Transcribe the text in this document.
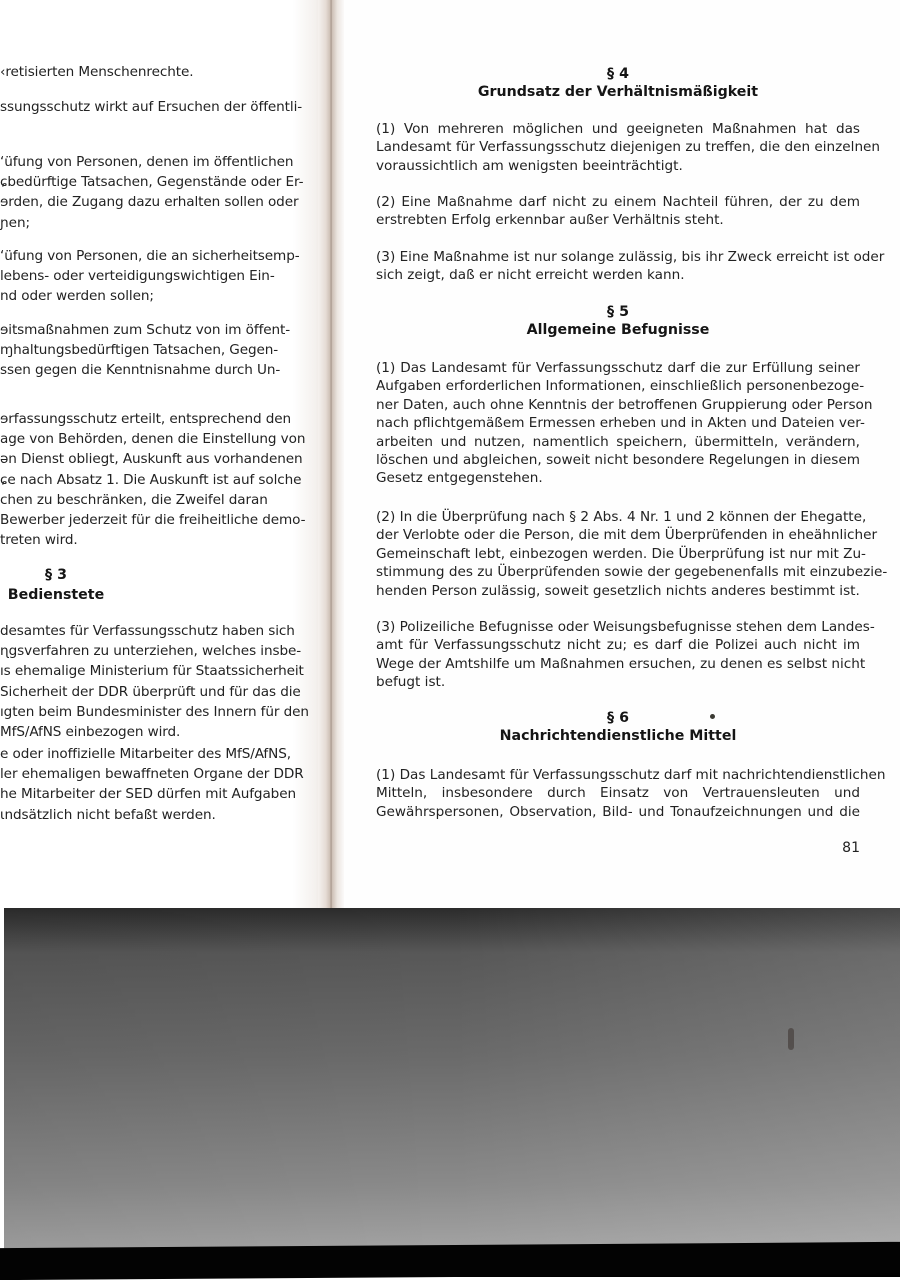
‹retisierten Menschenrechte.
ssungsschutz wirkt auf Ersuchen der öffentli-
‘üfung von Personen, denen im öffentlichen
ɕbedürftige Tatsachen, Gegenstände oder Er-
ɘrden, die Zugang dazu erhalten sollen oder
ɲen;
‘üfung von Personen, die an sicherheitsemp-
lebens- oder verteidigungswichtigen Ein-
nd oder werden sollen;
ɘitsmaßnahmen zum Schutz von im öffent-
ɱhaltungsbedürftigen Tatsachen, Gegen-
ssen gegen die Kenntnisnahme durch Un-
ɘrfassungsschutz erteilt, entsprechend den
age von Behörden, denen die Einstellung von
ən Dienst obliegt, Auskunft aus vorhandenen
ɕe nach Absatz 1. Die Auskunft ist auf solche
chen zu beschränken, die Zweifel daran
Bewerber jederzeit für die freiheitliche demo-
treten wird.
§ 3
Bedienstete
desamtes für Verfassungsschutz haben sich
ɳgsverfahren zu unterziehen, welches insbe-
ıs ehemalige Ministerium für Staatssicherheit
Sicherheit der DDR überprüft und für das die
ıgten beim Bundesminister des Innern für den
MfS/AfNS einbezogen wird.
e oder inoffizielle Mitarbeiter des MfS/AfNS,
ler ehemaligen bewaffneten Organe der DDR
he Mitarbeiter der SED dürfen mit Aufgaben
ɩndsätzlich nicht befaßt werden.
§ 4
Grundsatz der Verhältnismäßigkeit
(1) Von mehreren möglichen und geeigneten Maßnahmen hat das
Landesamt für Verfassungsschutz diejenigen zu treffen, die den einzelnen
voraussichtlich am wenigsten beeinträchtigt.
(2) Eine Maßnahme darf nicht zu einem Nachteil führen, der zu dem
erstrebten Erfolg erkennbar außer Verhältnis steht.
(3) Eine Maßnahme ist nur solange zulässig, bis ihr Zweck erreicht ist oder
sich zeigt, daß er nicht erreicht werden kann.
§ 5
Allgemeine Befugnisse
(1) Das Landesamt für Verfassungsschutz darf die zur Erfüllung seiner
Aufgaben erforderlichen Informationen, einschließlich personenbezoge-
ner Daten, auch ohne Kenntnis der betroffenen Gruppierung oder Person
nach pflichtgemäßem Ermessen erheben und in Akten und Dateien ver-
arbeiten und nutzen, namentlich speichern, übermitteln, verändern,
löschen und abgleichen, soweit nicht besondere Regelungen in diesem
Gesetz entgegenstehen.
(2) In die Überprüfung nach § 2 Abs. 4 Nr. 1 und 2 können der Ehegatte,
der Verlobte oder die Person, die mit dem Überprüfenden in eheähnlicher
Gemeinschaft lebt, einbezogen werden. Die Überprüfung ist nur mit Zu-
stimmung des zu Überprüfenden sowie der gegebenenfalls mit einzubezie-
henden Person zulässig, soweit gesetzlich nichts anderes bestimmt ist.
(3) Polizeiliche Befugnisse oder Weisungsbefugnisse stehen dem Landes-
amt für Verfassungsschutz nicht zu; es darf die Polizei auch nicht im
Wege der Amtshilfe um Maßnahmen ersuchen, zu denen es selbst nicht
befugt ist.
§ 6
Nachrichtendienstliche Mittel
(1) Das Landesamt für Verfassungsschutz darf mit nachrichtendienstlichen
Mitteln, insbesondere durch Einsatz von Vertrauensleuten und
Gewährspersonen, Observation, Bild- und Tonaufzeichnungen und die
81
